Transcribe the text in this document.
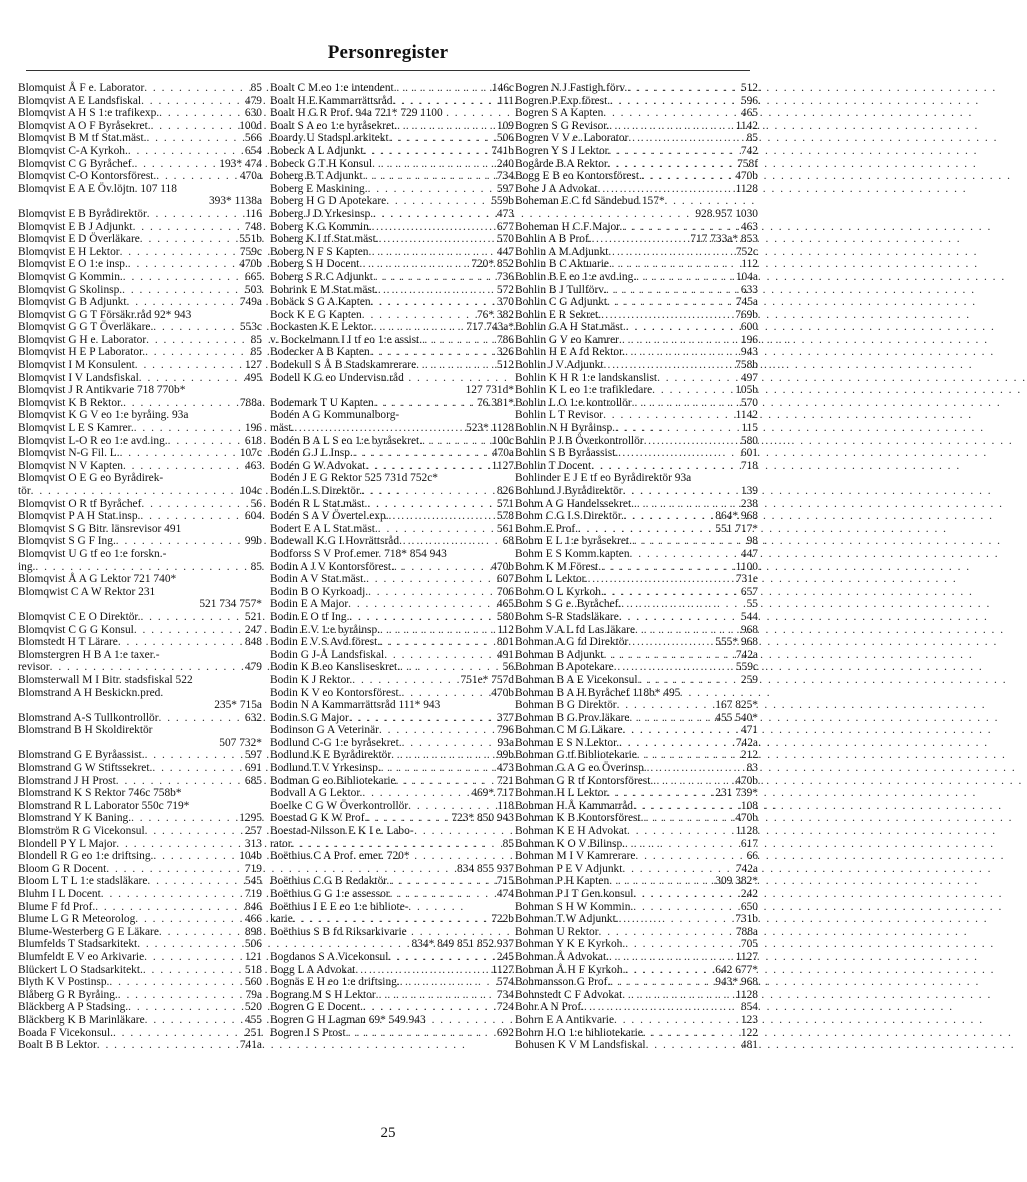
Personregister
Blomquist Å F e. Laborator . . .	85
Blomqvist A E Landsfiskal . . .	479
Blomqvist A H S 1:e trafikexp. . . .	630
Blomqvist A O F Byråsekret. . . .	100d
Blomqvist B M tf Stat.mäst. . . .	566
Blomqvist C-A Kyrkoh. . . .	654
Blomqvist C G Byråchef. . . .	193* 474
Blomqvist C-O Kontorsförest. . . .	470a
Blomqvist E A E Öv.löjtn. 107 118
393* 1138a
Blomqvist E B Byrådirektör . . .	116
Blomqvist E B J Adjunkt . . .	748
Blomqvist E D Överläkare . . .	551b
Blomqvist E H Lektor . . .	759c
Blomqvist E O 1:e insp. . . .	470b
Blomqvist G Kommin. . . .	665
Blomqvist G Skolinsp. . . .	503
Blomqvist G B Adjunkt . . .	749a
Blomqvist G G T Försäkr.råd 92* 943
Blomqvist G G T Överläkare. . . .	553c
Blomqvist G H e. Laborator . . .	85
Blomqvist H E P Laborator. . . .	85
Blomqvist I M Konsulent . . .	127
Blomqvist I V Landsfiskal . . .	495
Blomqvist J R Antikvarie 718 770b*
Blomqvist K B Rektor. . . .	788a
Blomqvist K G V eo 1:e byråing. 93a
Blomqvist L E S Kamrer. . . .	196
Blomqvist L-O R eo 1:e avd.ing. . . .	618
Blomqvist N-G Fil. L. . . .	107c
Blomqvist N V Kapten . . .	463
Blomqvist O E G eo Byrådirek-
tör . . .	104c
Blomqvist O R tf Byråchef . . .	56
Blomqvist P A H Stat.insp. . . .	604
Blomqvist S G Bitr. länsrevisor 491
Blomqvist S G F Ing. . . .	99b
Blomqvist U G tf eo 1:e forskn.-
ing. . . .	85
Blomqvist Å A G Lektor 721 740*
Blomqwist C A W Rektor 231
521 734 757*
Blomqvist C E O Direktör. . . .	521
Blomqvist C G G Konsul . . .	247
Blomstedt H T Lärare . . .	848
Blomstergren H B A 1:e taxer.-
revisor . . .	479
Blomsterwall M I Bitr. stadsfiskal 522
Blomstrand A H Beskickn.pred.
235* 715a
Blomstrand A-S Tullkontrollör . . .	632
Blomstrand B H Skoldirektör
507 732*
Blomstrand G E Byråassist. . . .	597
Blomstrand G W Stiftssekret. . . .	691
Blomstrand J H Prost . . .	685
Blomstrand K S Rektor 746c 758b*
Blomstrand R L Laborator 550c 719*
Blomstrand Y K Baning. . . .	1295
Blomström R G Vicekonsul . . .	257
Blondell P Y L Major . . .	313
Blondell R G eo 1:e driftsing. . . .	104b
Bloom G R Docent . . .	719
Bloom L T L 1:e stadsläkare . . .	545
Bluhm I L Docent . . .	719
Blume F fd Prof. . . .	846
Blume L G R Meteorolog . . .	466
Blume-Westerberg G E Läkare . . .	898
Blumfelds T Stadsarkitekt . . .	506
Blumfeldt E V eo Arkivarie . . .	121
Blückert L O Stadsarkitekt. . . .	518
Blyth K V Postinsp. . . .	560
Blåberg G R Byråing. . . .	79a
Bläckberg A P Stadsing. . . .	520
Bläckberg K B Marinläkare . . .	455
Boada F Vicekonsul. . . .	251
Boalt B B Lektor . . .	741a
Boalt C M eo 1:e intendent . . .	146c
Boalt H E Kammarrättsråd . . .	111
Boalt H G R Prof. 94a 721* 729 1100
Boalt S A eo 1:e byråsekret. . . .	109
Boardy U Stadspl.arkitekt . . .	506
Bobeck A L Adjunkt . . .	741b
Bobeck G T H Konsul . . .	240
Boberg B T Adjunkt . . .	734
Boberg E Maskining. . . .	597
Boberg H G D Apotekare . . .	559b
Boberg J D Yrkesinsp. . . .	473
Boberg K G Kommin. . . .	677
Boberg K I tf Stat.mäst. . . .	570
Boberg N F S Kapten . . .	447
Boberg S H Docent . . .	720* 852
Boberg S R C Adjunkt . . .	736
Bobrink E M Stat.mäst. . . .	572
Bobäck S G A Kapten . . .	370
Bock K E G Kapten . . .	76* 382
Bockasten K E Lektor. . . .	717 743a*
v. Bockelmann I I tf eo 1:e assist. . . .	786
Bodecker A B Kapten . . .	326
Bodekull S Å B Stadskamrerare . . .	512
Bodell K G eo Undervisn.råd
127 731d*
Bodemark T U Kapten . . .	76 381*
Bodén A G Kommunalborg-
mäst. . . .	523* 1128
Bodén B A L S eo 1:e byråsekret. . . .	100c
Bodén G J L Insp. . . .	470a
Bodén G W Advokat . . .	1127
Bodén J E G Rektor 525 731d 752c*
Bodén L S Direktör. . . .	826
Bodén R L Stat.mäst. . . .	571
Bodén S A V Övertel.exp. . . .	578
Bodert E A L Stat.mäst. . . .	561
Bodewall K G I Hovrättsråd . . .	68
Bodforss S V Prof.emer. 718* 854 943
Bodin A J V Kontorsförest. . . .	470b
Bodin A V Stat.mäst. . . .	607
Bodin B O Kyrkoadj. . . .	706
Bodin E A Major . . .	465
Bodin E O tf Ing. . . .	580
Bodin E V 1:e byråinsp. . . .	112
Bodin E V S Avd.förest. . . .	801
Bodin G J-Å Landsfiskal . . .	491
Bodin K B eo Kansliseskret. . . .	56
Bodin K J Rektor. . . .	751e* 757d
Bodin K V eo Kontorsförest. . . .	470b
Bodin N A Kammarrättsråd 111* 943
Bodin S G Major . . .	377
Bodinson G A Veterinär . . .	796
Bodlund C-G 1:e byråsekret. . . .	93a
Bodlund K E Byrådirektör . . .	99b
Bodlund T V Yrkesinsp. . . .	473
Bodman G eo Bibliotekarie . . .	721
Bodvall A G Lektor. . . .	469* 717
Boelke C G W Överkontrollör . . .	118
Boestad G K W Prof. . . .	723* 850 943
Boestad-Nilsson E K I e. Labo-
rator . . .	85
Boëthius C A Prof. emer. 720*
834 855 937
Boëthius C G B Redaktör. . . .	715
Boëthius G G 1:e assessor . . .	474
Boëthius I E E eo 1:e bibliote-
karie . . .	722b
Boëthius S B fd Riksarkivarie
834* 849 851 852 937
Bogdanos S A Vicekonsul . . .	245
Bogg L A Advokat . . .	1127
Bognäs E H eo 1:e driftsing. . . .	574
Bograng M S H Lektor . . .	734
Bogren G E Docent. . . .	724
Bogren G H Lagman 69* 549 943
Bogren I S Prost . . .	692
Bogren N J Fastigh.förv. . . .	512
Bogren P Exp.förest. . . .	596
Bogren S A Kapten . . .	465
Bogren S G Revisor. . . .	1142
Bogren V V e. Laborator . . .	85
Bogren Y S J Lektor . . .	742
Bogårde B A Rektor . . .	758f
Bogg E B eo Kontorsförest. . . .	470b
Bohe J A Advokat . . .	1128
Boheman E C fd Sändebud 157*
928 957 1030
Boheman H C F Major. . . .	463
Bohlin A B Prof. . . .	717 733a* 853
Bohlin A M Adjunkt . . .	752c
Bohlin B C Aktuarie . . .	112
Bohlin B E eo 1:e avd.ing. . . .	104a
Bohlin B J Tullförv. . . .	633
Bohlin C G Adjunkt . . .	745a
Bohlin E R Sekret. . . .	769b
Bohlin G A H Stat.mäst. . . .	600
Bohlin G V eo Kamrer . . .	196
Bohlin H E A fd Rektor. . . .	943
Bohlin J V Adjunkt . . .	758b
Bohlin K H R 1:e landskanslist . . .	497
Bohlin K L eo 1:e trafikledare . . .	105b
Bohlin L O 1:e kontrollör . . .	570
Bohlin L T Revisor . . .	1142
Bohlin N H Byråinsp. . . .	115
Bohlin P J B Överkontrollör . . .	580
Bohlin S B Byråassist. . . .	601
Bohlin T Docent . . .	718
Bohlinder E J E tf eo Byrådirektör 93a
Bohlund J Byrådirektör . . .	139
Bohm A G Handelssekret. . . .	238
Bohm C G I S Direktör. . . .	864* 968
Bohm E Prof. . . .	551 717*
Bohm E L 1:e byråsekret. . . .	98
Bohm E S Komm.kapten . . .	447
Bohm K M Förest. . . .	1100
Bohm L Lektor. . . .	731e
Bohm O L Kyrkoh. . . .	657
Bohm S G e. Byråchef. . . .	55
Bohm S-R Stadsläkare . . .	544
Bohm V A L fd Las.läkare . . .	968
Bohman A G fd Direktör . . .	555* 968
Bohman B Adjunkt . . .	742a
Bohman B Apotekare . . .	559c
Bohman B A E Vicekonsul . . .	259
Bohman B A H Byråchef 118b* 495
Bohman B G Direktör . . .	167 825*
Bohman B G Prov.läkare . . .	455 540*
Bohman C M G Läkare . . .	471
Bohman E S N Lektor. . . .	742a
Bohman G tf Bibliotekarie . . .	212
Bohman G A G eo Överinsp. . . .	83
Bohman G R tf Kontorsförest. . . .	470b
Bohman H L Lektor . . .	231 739*
Bohman H Å Kammarråd . . .	108
Bohman K B Kontorsförest. . . .	470b
Bohman K E H Advokat . . .	1128
Bohman K O V Bilinsp. . . .	617
Bohman M I V Kamrerare . . .	66
Bohman P E V Adjunkt . . .	742a
Bohman P H Kapten . . .	309 382*
Bohman P I T Gen.konsul . . .	242
Bohman S H W Kommin. . . .	650
Bohman T W Adjunkt. . . .	731b
Bohman U Rektor . . .	788a
Bohman Y K E Kyrkoh. . . .	705
Bohman Å Advokat. . . .	1127
Bohman Å H F Kyrkoh. . . .	642 677*
Bohmansson G Prof. . . .	943* 968
Bohnstedt C F Advokat . . .	1128
Bohr A N Prof. . . .	854
Bohrn E A Antikvarie . . .	123
Bohrn H O 1:e bibliotekarie . . .	122
Bohusen K V M Landsfiskal . . .	481
25
